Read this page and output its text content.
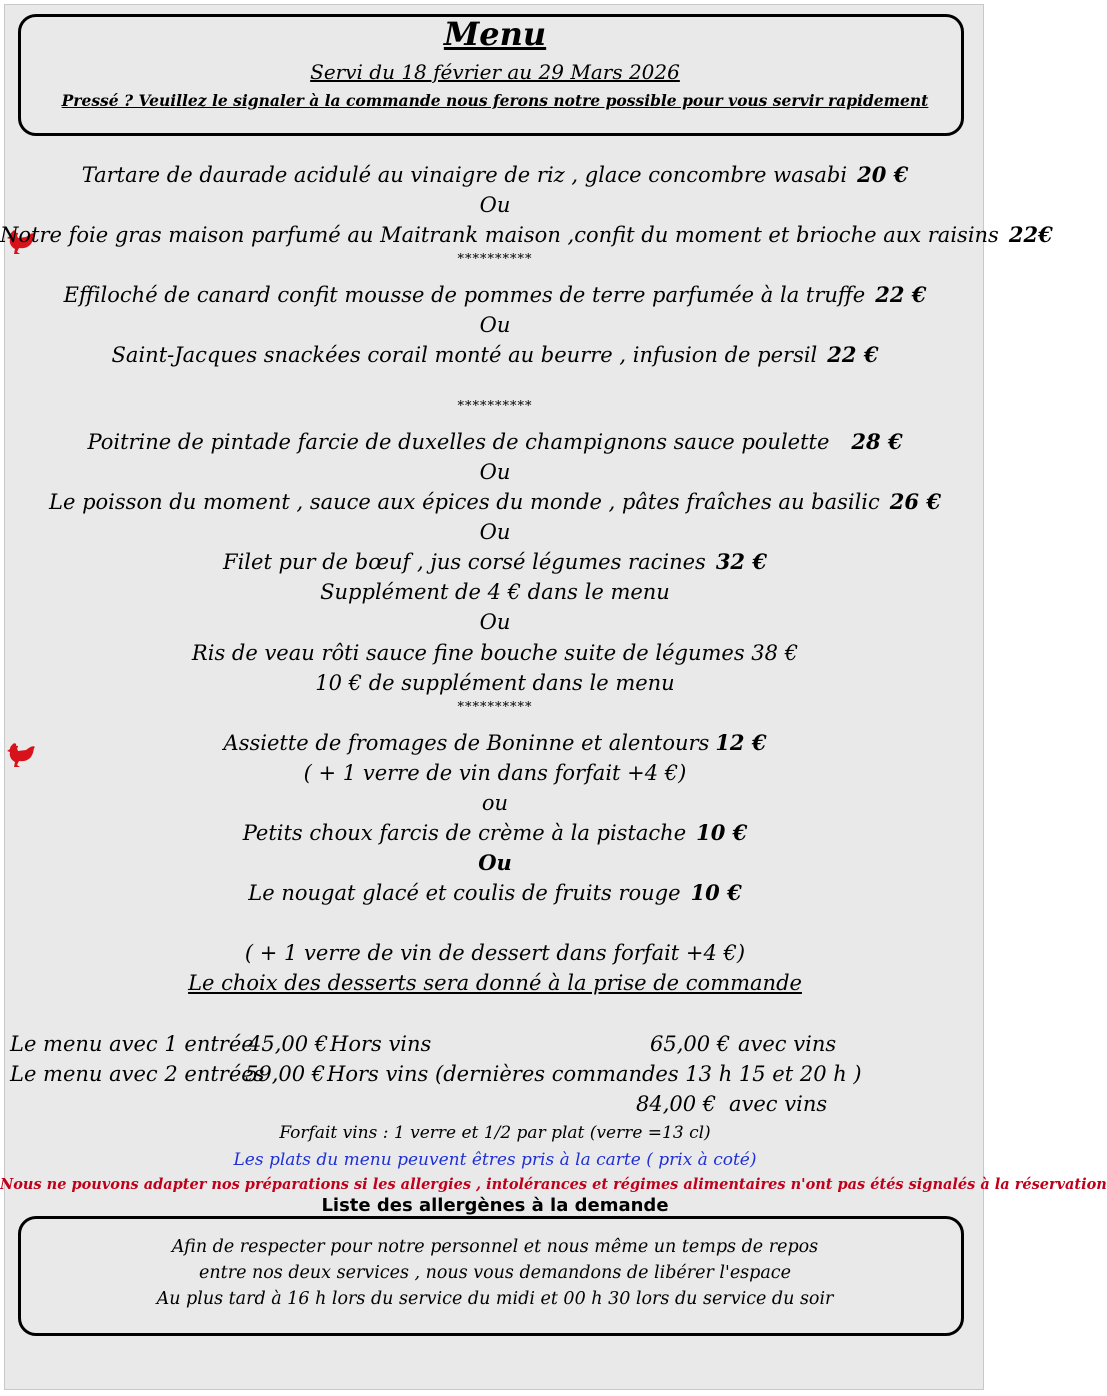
Menu
Servi du 18 février au 29 Mars 2026
Pressé ? Veuillez le signaler à la commande nous ferons notre possible pour vous servir rapidement
Tartare de daurade acidulé au vinaigre de riz , glace concombre wasabi 20 €
Ou
Notre foie gras maison parfumé au Maitrank maison ,confit du moment et brioche aux raisins 22€
**********
Effiloché de canard confit mousse de pommes de terre parfumée à la truffe 22 €
Ou
Saint-Jacques snackées corail monté au beurre , infusion de persil 22 €
**********
Poitrine de pintade farcie de duxelles de champignons sauce poulette 28 €
Ou
Le poisson du moment , sauce aux épices du monde , pâtes fraîches au basilic 26 €
Ou
Filet pur de bœuf , jus corsé légumes racines 32 €
Supplément de 4 € dans le menu
Ou
Ris de veau rôti sauce fine bouche suite de légumes 38 €
10 € de supplément dans le menu
**********
Assiette de fromages de Boninne et alentours 12 €
( + 1 verre de vin dans forfait +4 €)
ou
Petits choux farcis de crème à la pistache 10 €
Ou
Le nougat glacé et coulis de fruits rouge 10 €
( + 1 verre de vin de dessert dans forfait +4 €)
Le choix des desserts sera donné à la prise de commande
Le menu avec 1 entrée
45,00 € Hors vins	65,00 € avec vins
Le menu avec 2 entrées
59,00 € Hors vins (dernières commandes 13 h 15 et 20 h )
84,00 € avec vins
Forfait vins : 1 verre et 1/2 par plat (verre =13 cl)
Les plats du menu peuvent êtres pris à la carte ( prix à coté)
Nous ne pouvons adapter nos préparations si les allergies , intolérances et régimes alimentaires n'ont pas étés signalés à la réservation
Liste des allergènes à la demande
Afin de respecter pour notre personnel et nous même un temps de repos
entre nos deux services , nous vous demandons de libérer l'espace
Au plus tard à 16 h lors du service du midi et 00 h 30 lors du service du soir
